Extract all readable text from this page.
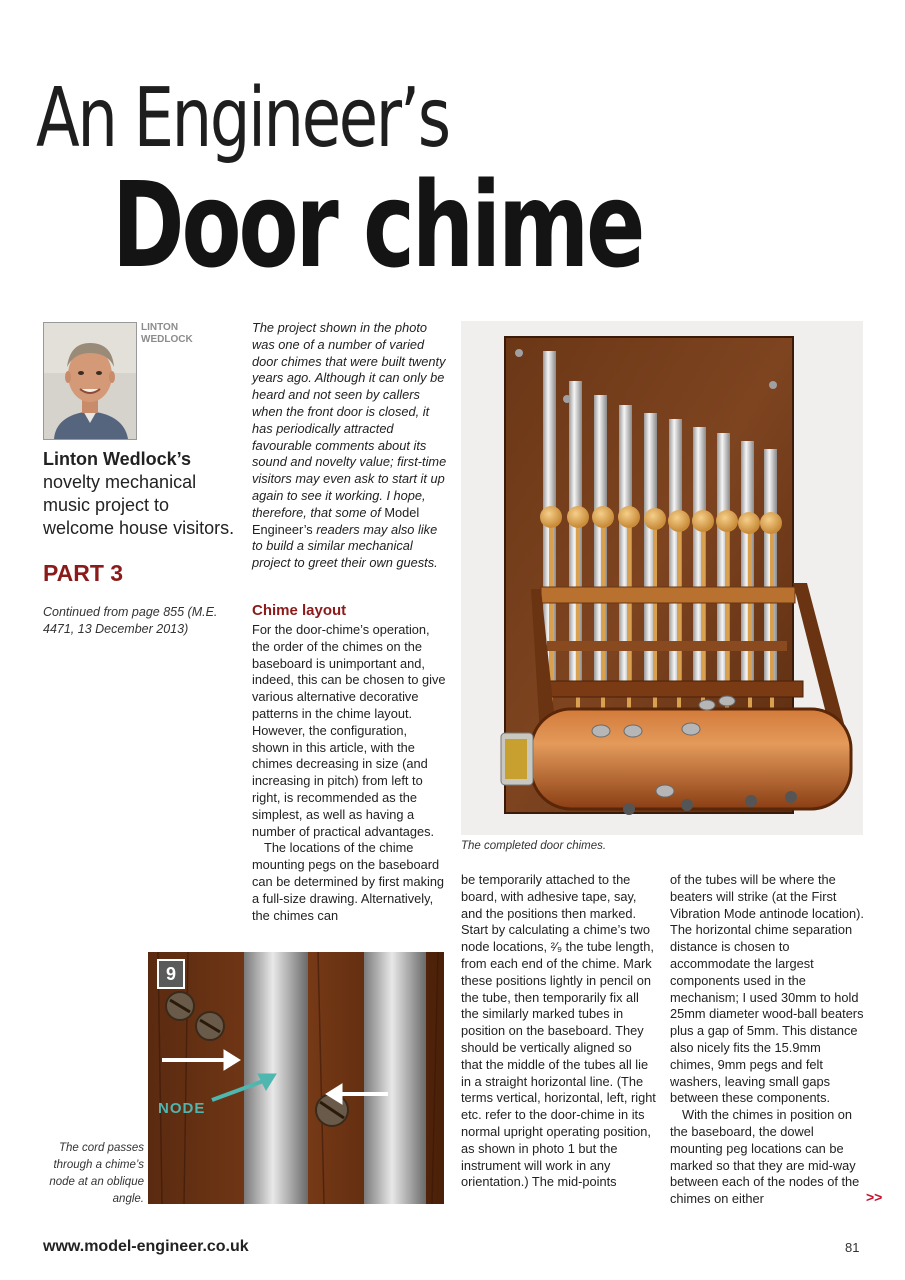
An Engineer’s
Door chime
LINTON WEDLOCK
Linton Wedlock’s
novelty mechanical music project to welcome house visitors.
PART 3
Continued from page 855 (M.E. 4471, 13 December 2013)
The project shown in the photo was one of a number of varied door chimes that were built twenty years ago. Although it can only be heard and not seen by callers when the front door is closed, it has periodically attracted favourable comments about its sound and novelty value; first-time visitors may even ask to start it up again to see it working. I hope, therefore, that some of Model Engineer’s readers may also like to build a similar mechanical project to greet their own guests.
Chime layout

For the door-chime’s operation, the order of the chimes on the baseboard is unimportant and, indeed, this can be chosen to give various alternative decorative patterns in the chime layout. However, the configuration, shown in this article, with the chimes decreasing in size (and increasing in pitch) from left to right, is recommended as the simplest, as well as having a number of practical advantages.

The locations of the chime mounting pegs on the baseboard can be determined by first making a full-size drawing. Alternatively, the chimes can

The completed door chimes.

be temporarily attached to the board, with adhesive tape, say, and the positions then marked. Start by calculating a chime’s two node locations, ²⁄₉ the tube length, from each end of the chime. Mark these positions lightly in pencil on the tube, then temporarily fix all the similarly marked tubes in position on the baseboard. They should be vertically aligned so that the middle of the tubes all lie in a straight horizontal line. (The terms vertical, horizontal, left, right etc. refer to the door-chime in its normal upright operating position, as shown in photo 1 but the instrument will work in any orientation.) The mid-points

of the tubes will be where the beaters will strike (at the First Vibration Mode antinode location). The horizontal chime separation distance is chosen to accommodate the largest components used in the mechanism; I used 30mm to hold 25mm diameter wood-ball beaters plus a gap of 5mm. This distance also nicely fits the 15.9mm chimes, 9mm pegs and felt washers, leaving small gaps between these components.

With the chimes in position on the baseboard, the dowel mounting peg locations can be marked so that they are mid-way between each of the nodes of the chimes on either	>>
9
NODE
The cord passes through a chime’s node at an oblique angle.
www.model-engineer.co.uk	81
